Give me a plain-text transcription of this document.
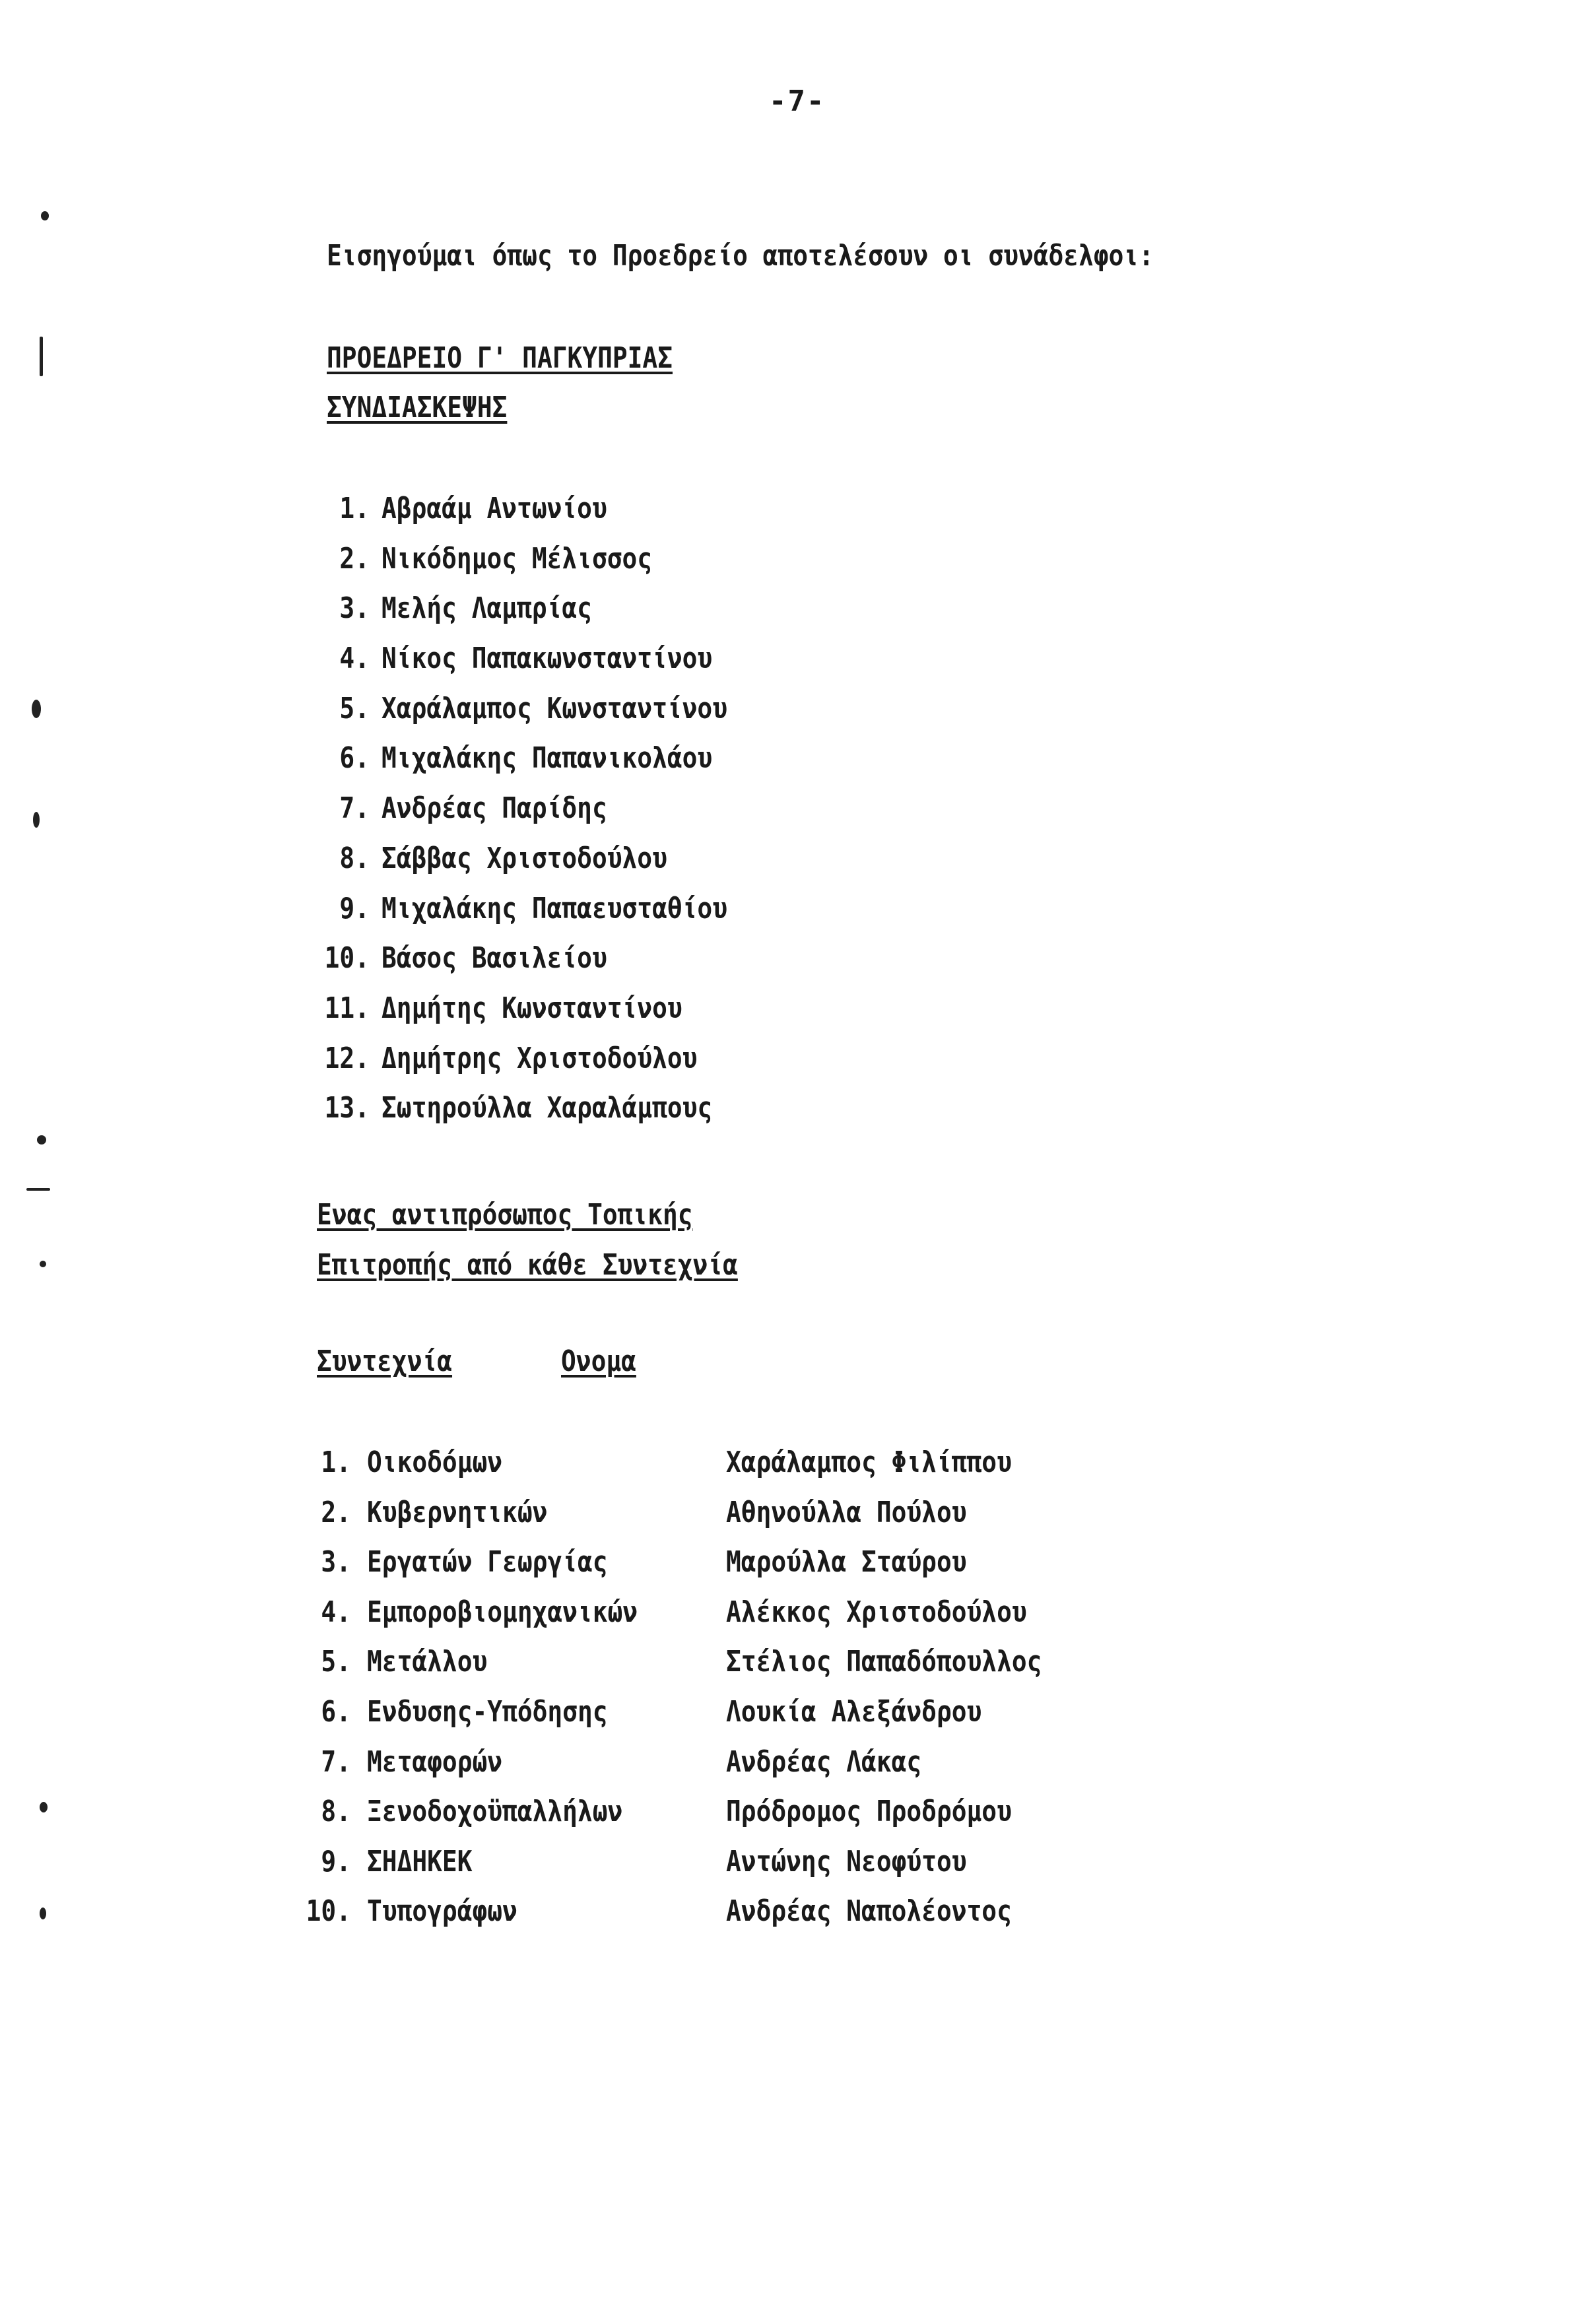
-7-
Εισηγούμαι όπως το Προεδρείο αποτελέσουν οι συνάδελφοι:
ΠΡΟΕΔΡΕΙΟ Γ' ΠΑΓΚΥΠΡΙΑΣ
ΣΥΝΔΙΑΣΚΕΨΗΣ
1. Αβραάμ Αντωνίου
2. Νικόδημος Μέλισσος
3. Μελής Λαμπρίας
4. Νίκος Παπακωνσταντίνου
5. Χαράλαμπος Κωνσταντίνου
6. Μιχαλάκης Παπανικολάου
7. Ανδρέας Παρίδης
8. Σάββας Χριστοδούλου
9. Μιχαλάκης Παπαευσταθίου
10. Βάσος Βασιλείου
11. Δημήτης Κωνσταντίνου
12. Δημήτρης Χριστοδούλου
13. Σωτηρούλλα Χαραλάμπους
Ενας αντιπρόσωπος Τοπικής
Επιτροπής από κάθε Συντεχνία
Συντεχνία	Ονομα
1. Οικοδόμων	Χαράλαμπος Φιλίππου
2. Κυβερνητικών	Αθηνούλλα Πούλου
3. Εργατών Γεωργίας	Μαρούλλα Σταύρου
4. Εμποροβιομηχανικών	Αλέκκος Χριστοδούλου
5. Μετάλλου	Στέλιος Παπαδόπουλλος
6. Ενδυσης-Υπόδησης	Λουκία Αλεξάνδρου
7. Μεταφορών	Ανδρέας Λάκας
8. Ξενοδοχοϋπαλλήλων	Πρόδρομος Προδρόμου
9. ΣΗΔΗΚΕΚ	Αντώνης Νεοφύτου
10. Τυπογράφων	Ανδρέας Ναπολέοντος
